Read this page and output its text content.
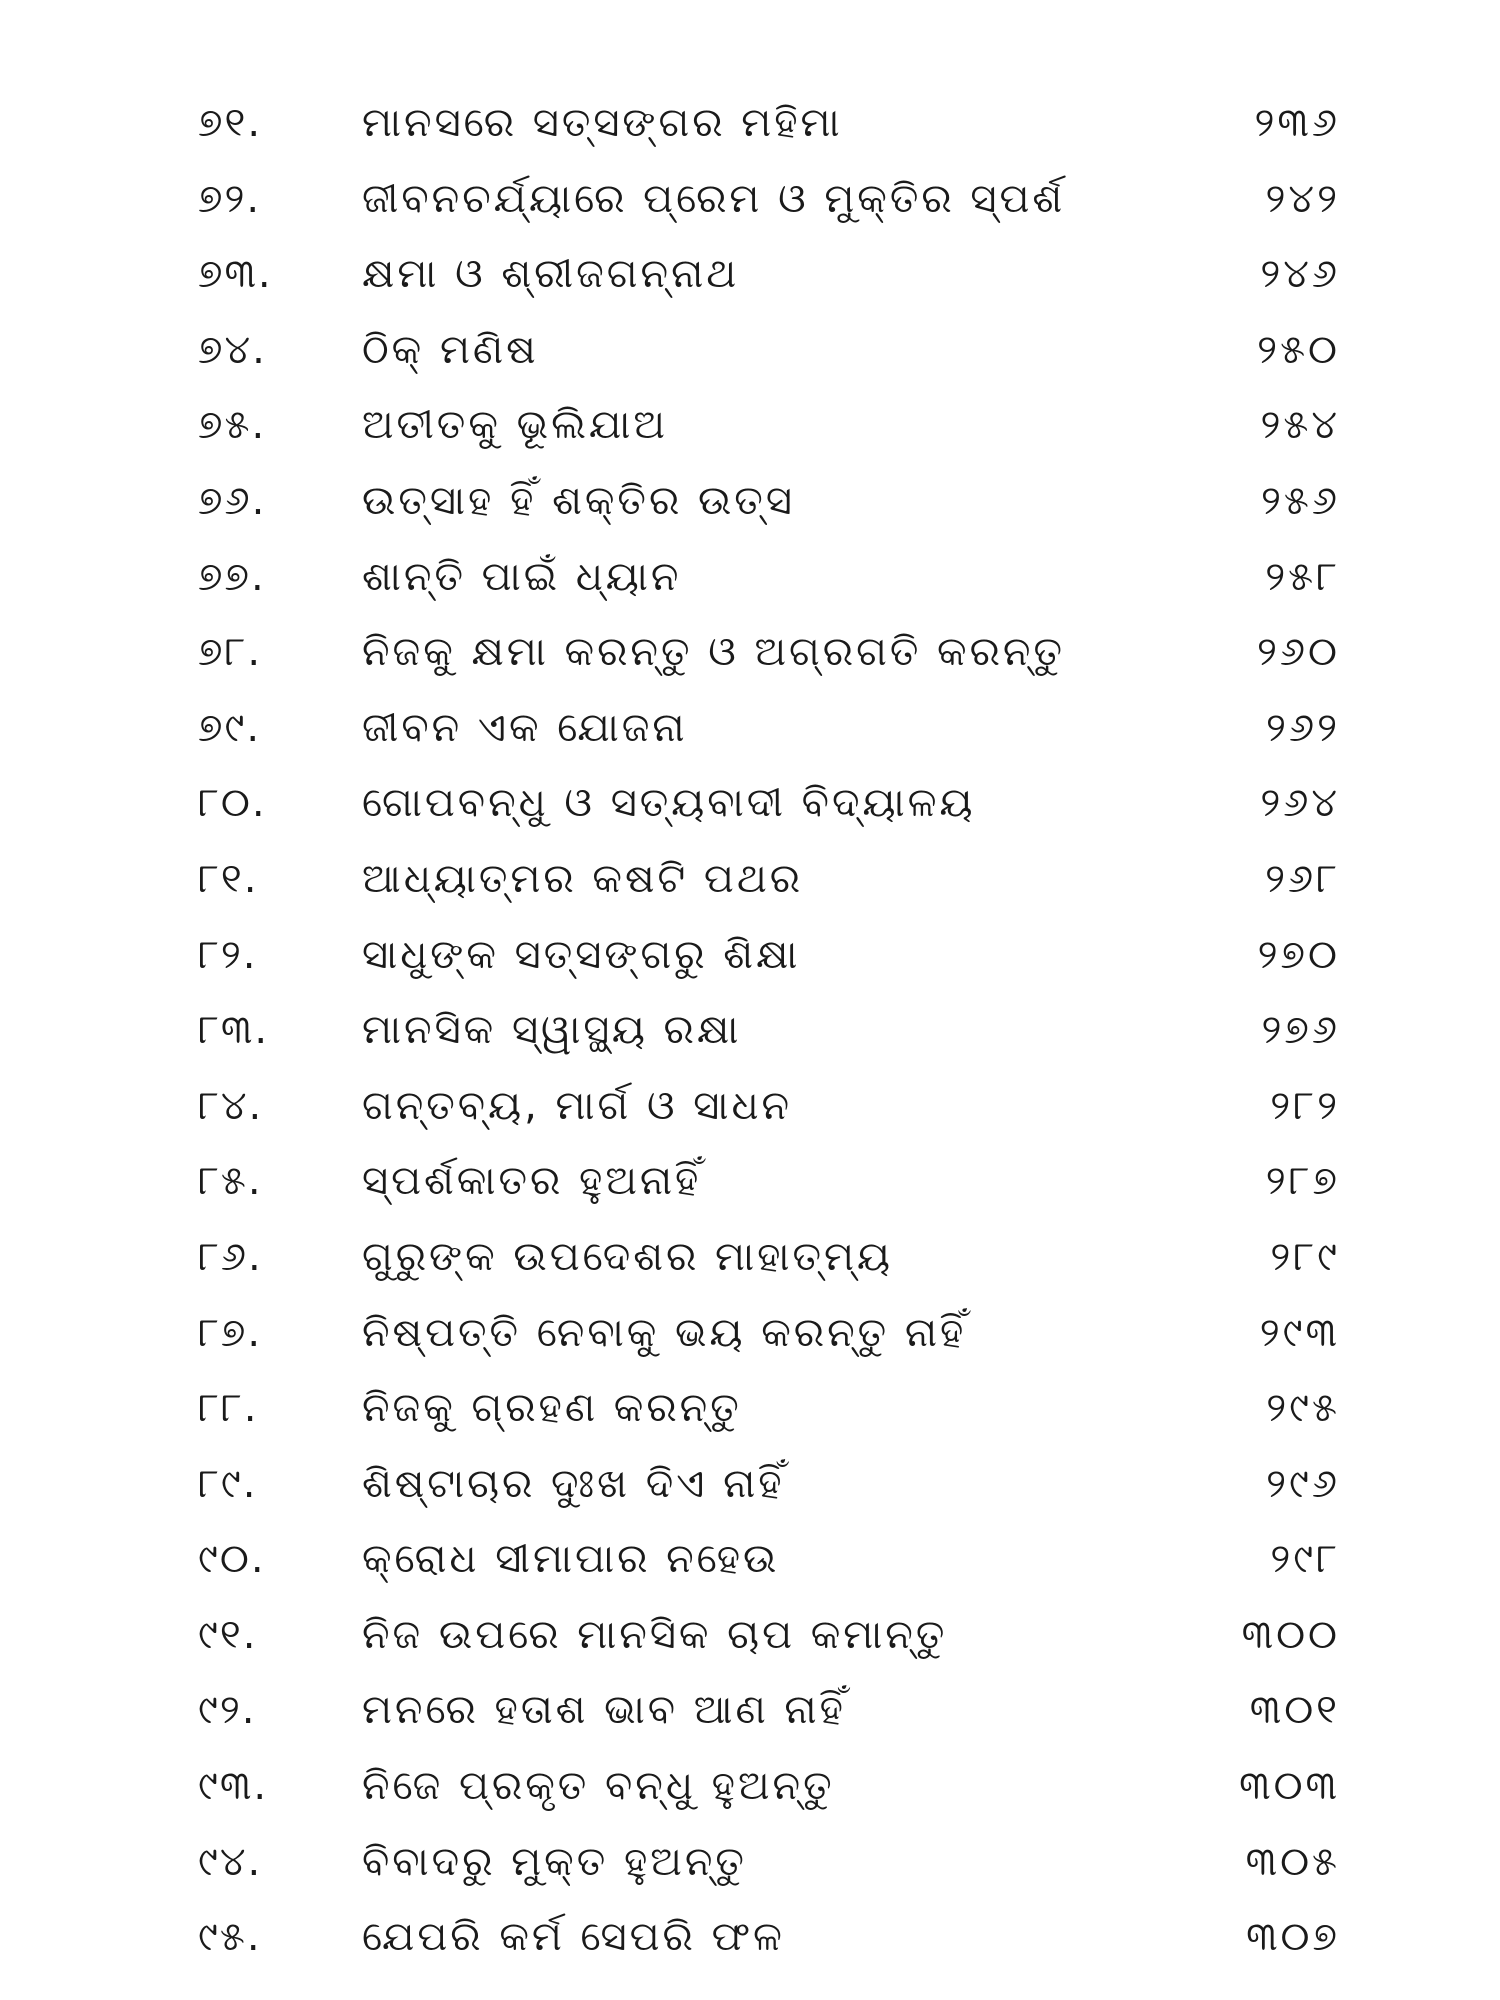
୭୧. ମାନସରେ ସତ୍‌ସଙ୍ଗର ମହିମା	୨୩୬
୭୨.	ଜୀବନଚର୍ଯ୍ୟାରେ ପ୍ରେମ ଓ ମୁକ୍ତିର ସ୍ପର୍ଶ	୨୪୨
୭୩. କ୍ଷମା ଓ ଶ୍ରୀଜଗନ୍ନାଥ	୨୪୬
୭୪. ଠିକ୍ ମଣିଷ	୨୫୦
୭୫. ଅତୀତକୁ ଭୂଲିଯାଅ	୨୫୪
୭୬. ଉତ୍ସାହ ହିଁ ଶକ୍ତିର ଉତ୍ସ	୨୫୬
୭୭. ଶାନ୍ତି ପାଇଁ ଧ୍ୟାନ	୨୫୮
୭୮. ନିଜକୁ କ୍ଷମା କରନ୍ତୁ ଓ ଅଗ୍ରଗତି କରନ୍ତୁ	୨୬୦
୭୯.	ଜୀବନ ଏକ ଯୋଜନା	୨୬୨
୮୦. ଗୋପବନ୍ଧୁ ଓ ସତ୍ୟବାଦୀ ବିଦ୍ୟାଳୟ	୨୬୪
୮୧.	ଆଧ୍ୟାତ୍ମର କଷଟି ପଥର	୨୬୮
୮୨.	ସାଧୁଙ୍କ ସତ୍‌ସଙ୍ଗରୁ ଶିକ୍ଷା	୨୭୦
୮୩. ମାନସିକ ସ୍ୱାସ୍ଥ୍ୟ ରକ୍ଷା	୨୭୬
୮୪. ଗନ୍ତବ୍ୟ, ମାର୍ଗ ଓ ସାଧନ	୨୮୨
୮୫. ସ୍ପର୍ଶକାତର ହୁଅନାହିଁ	୨୮୭
୮୬. ଗୁରୁଙ୍କ ଉପଦେଶର ମାହାତ୍ମ୍ୟ	୨୮୯
୮୭. ନିଷ୍ପତ୍ତି ନେବାକୁ ଭୟ କରନ୍ତୁ ନାହିଁ	୨୯୩
୮୮.	ନିଜକୁ ଗ୍ରହଣ କରନ୍ତୁ	୨୯୫
୮୯.	ଶିଷ୍ଟାଚାର ଦୁଃଖ ଦିଏ ନାହିଁ	୨୯୬
୯୦. କ୍ରୋଧ ସୀମାପାର ନହେଉ	୨୯୮
୯୧.	ନିଜ ଉପରେ ମାନସିକ ଚାପ କମାନ୍ତୁ	୩୦୦
୯୨.	ମନରେ ହତାଶ ଭାବ ଆଣ ନାହିଁ	୩୦୧
୯୩. ନିଜେ ପ୍ରକୃତ ବନ୍ଧୁ ହୁଅନ୍ତୁ	୩୦୩
୯୪. ବିବାଦରୁ ମୁକ୍ତ ହୁଅନ୍ତୁ	୩୦୫
୯୫.	ଯେପରି କର୍ମ ସେପରି ଫଳ	୩୦୭
